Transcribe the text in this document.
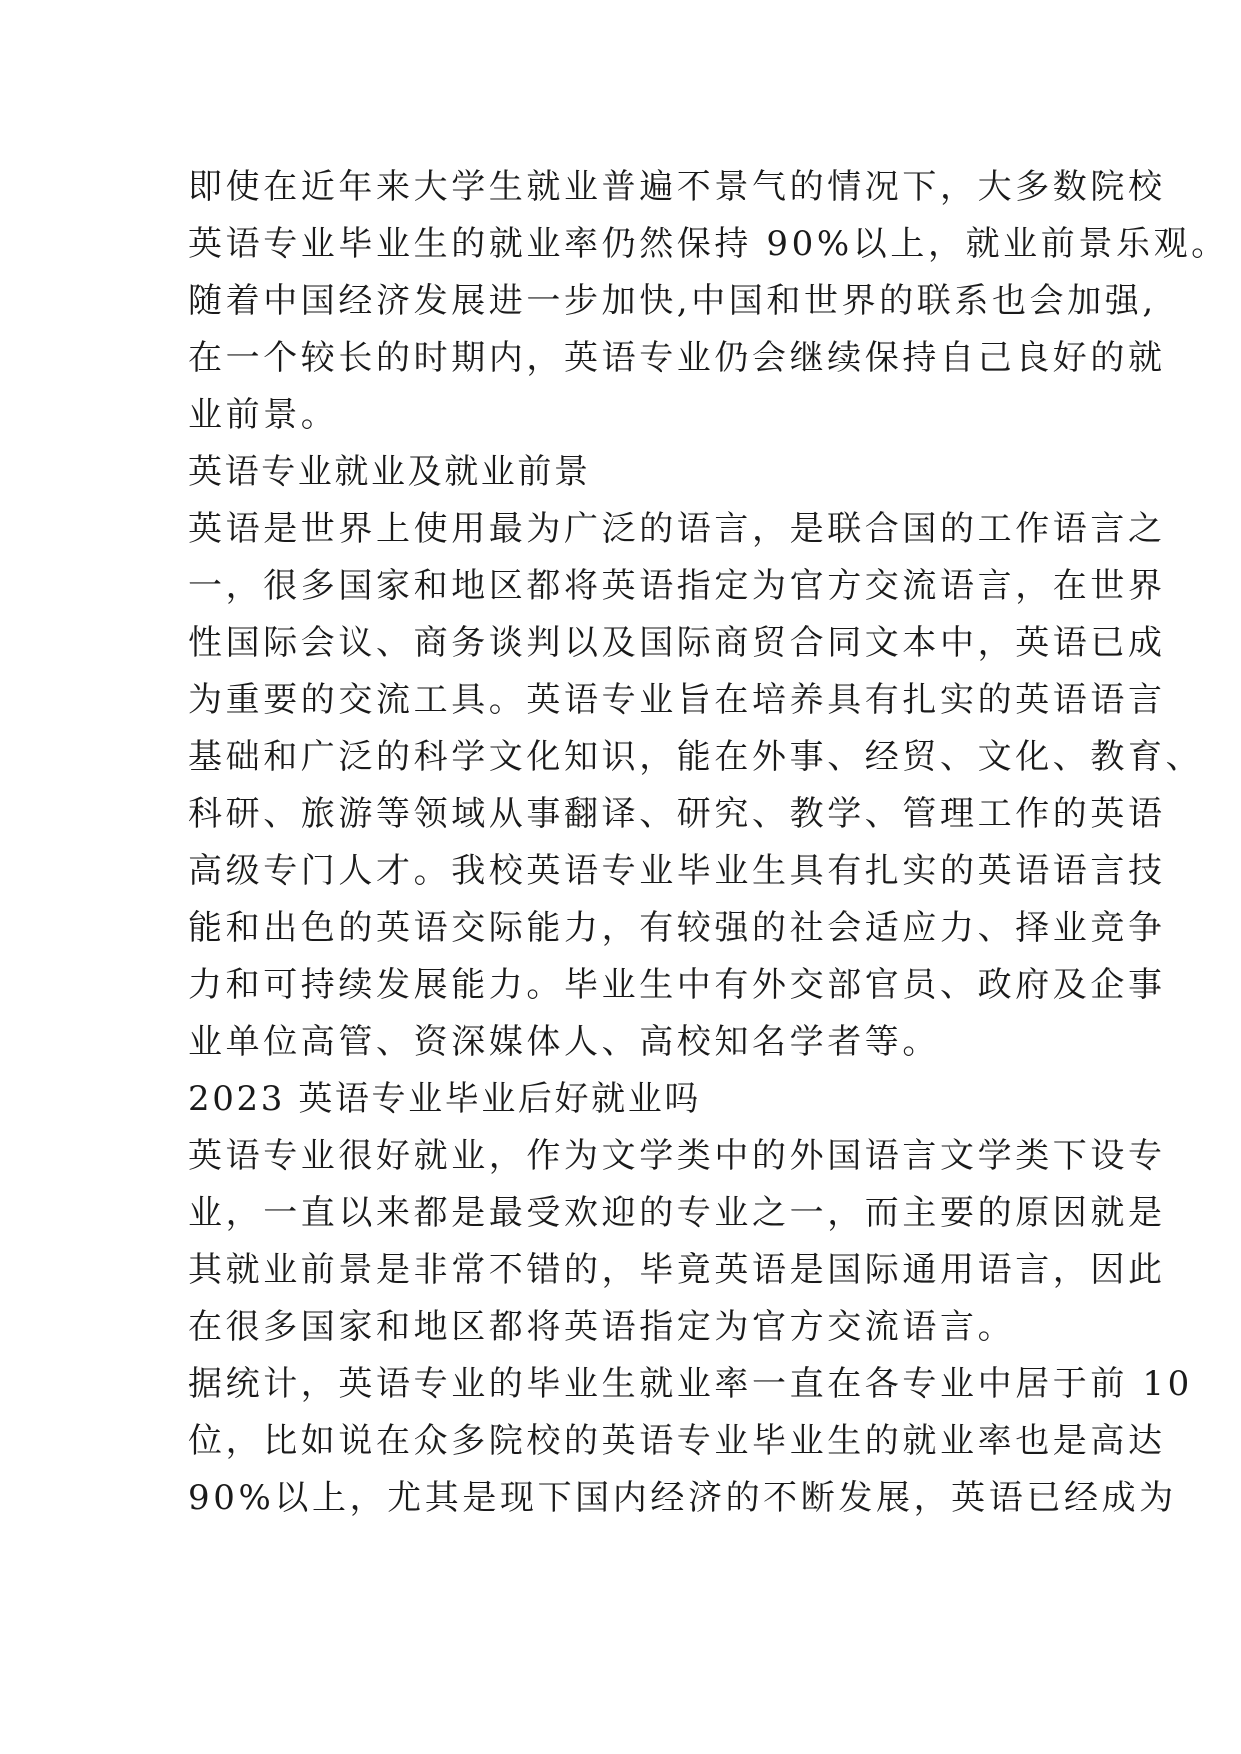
即使在近年来大学生就业普遍不景气的情况下，大多数院校
英语专业毕业生的就业率仍然保持 90%以上，就业前景乐观。
随着中国经济发展进一步加快,中国和世界的联系也会加强,
在一个较长的时期内，英语专业仍会继续保持自己良好的就
业前景。
英语专业就业及就业前景
英语是世界上使用最为广泛的语言，是联合国的工作语言之
一，很多国家和地区都将英语指定为官方交流语言，在世界
性国际会议、商务谈判以及国际商贸合同文本中，英语已成
为重要的交流工具。英语专业旨在培养具有扎实的英语语言
基础和广泛的科学文化知识，能在外事、经贸、文化、教育、
科研、旅游等领域从事翻译、研究、教学、管理工作的英语
高级专门人才。我校英语专业毕业生具有扎实的英语语言技
能和出色的英语交际能力，有较强的社会适应力、择业竞争
力和可持续发展能力。毕业生中有外交部官员、政府及企事
业单位高管、资深媒体人、高校知名学者等。
2023 英语专业毕业后好就业吗
英语专业很好就业，作为文学类中的外国语言文学类下设专
业，一直以来都是最受欢迎的专业之一，而主要的原因就是
其就业前景是非常不错的，毕竟英语是国际通用语言，因此
在很多国家和地区都将英语指定为官方交流语言。
据统计，英语专业的毕业生就业率一直在各专业中居于前 10
位，比如说在众多院校的英语专业毕业生的就业率也是高达
90%以上，尤其是现下国内经济的不断发展，英语已经成为
